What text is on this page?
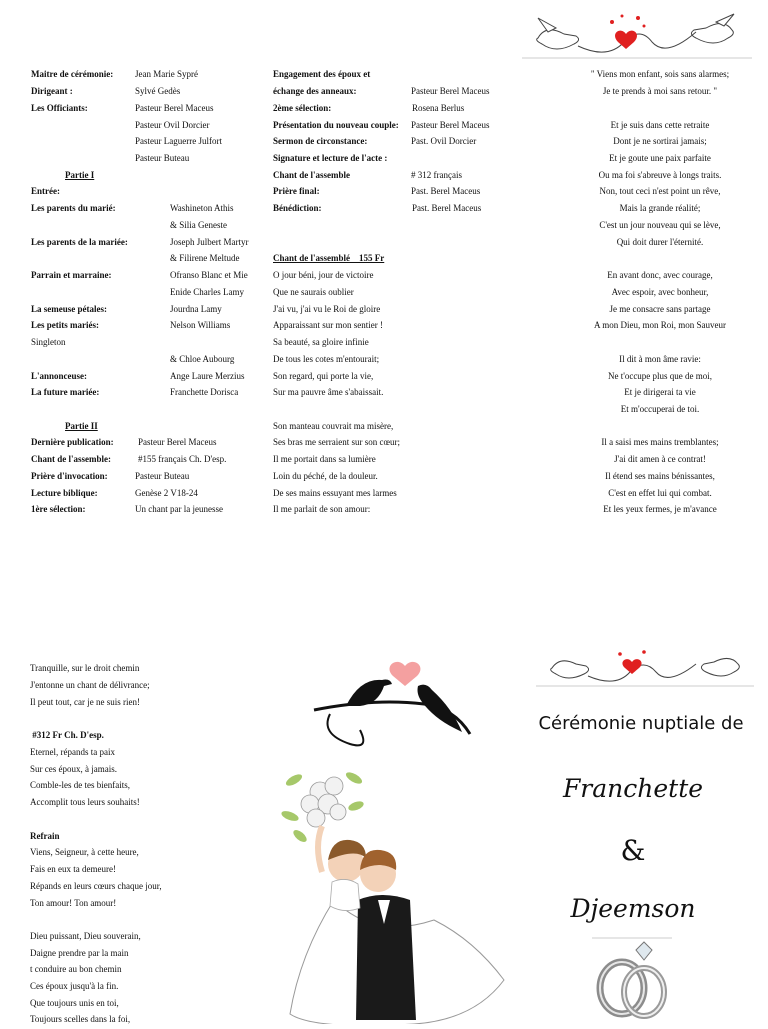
Maitre de cérémonie: Jean Marie Sypré
Dirigeant :	Sylvé Gedès
Les Officiants:	Pasteur Berel Maceus
Pasteur Ovil Dorcier
Pasteur Laguerre Julfort
Pasteur Buteau
Partie I
Entrée:
Les parents du marié:	Washineton Athis
& Silia Geneste
Les parents de la mariée:	Joseph Julbert Martyr
& Filirene Meltude
Parrain et marraine:	Ofranso Blanc et Mie
Enide Charles Lamy
La semeuse pétales:	Jourdna Lamy
Les petits mariés:	Nelson Williams
Singleton
& Chloe Aubourg
L'annonceuse:	Ange Laure Merzius
La future mariée:	Franchette Dorisca
Partie II
Dernière publication:	Pasteur Berel Maceus
Chant de l'assemble:	#155 français Ch. D'esp.
Prière d'invocation:	Pasteur Buteau
Lecture biblique:	Genèse 2 V18-24
1ère sélection:	Un chant par la jeunesse
Engagement des époux et
échange des anneaux:	Pasteur Berel Maceus
2ème sélection:	Rosena Berlus
Présentation du nouveau couple: Pasteur Berel Maceus
Sermon de circonstance:	Past. Ovil Dorcier
Signature et lecture de l'acte :
Chant de l'assemble	# 312 français
Prière final:	Past. Berel Maceus
Bénédiction:	Past. Berel Maceus
Chant de l'assemblé    155 Fr
O jour béni, jour de victoire
Que ne saurais oublier
J'ai vu, j'ai vu le Roi de gloire
Apparaissant sur mon sentier !
Sa beauté, sa gloire infinie
De tous les cotes m'entourait;
Son regard, qui porte la vie,
Sur ma pauvre âme s'abaissait.
Son manteau couvrait ma misère,
Ses bras me serraient sur son cœur;
Il me portait dans sa lumière
Loin du péché, de la douleur.
De ses mains essuyant mes larmes
Il me parlait de son amour:
" Viens mon enfant, sois sans alarmes;
Je te prends à moi sans retour. "
Et je suis dans cette retraite
Dont je ne sortirai jamais;
Et je goute une paix parfaite
Ou ma foi s'abreuve à longs traits.
Non, tout ceci n'est point un rêve,
Mais la grande réalité;
C'est un jour nouveau qui se lève,
Qui doit durer l'éternité.
En avant donc, avec courage,
Avec espoir, avec bonheur,
Je me consacre sans partage
A mon Dieu, mon Roi, mon Sauveur
Il dit à mon âme ravie:
Ne t'occupe plus que de moi,
Et je dirigerai ta vie
Et m'occuperai de toi.
Il a saisi mes mains tremblantes;
J'ai dit amen à ce contrat!
Il étend ses mains bénissantes,
C'est en effet lui qui combat.
Et les yeux fermes, je m'avance
Tranquille, sur le droit chemin
J'entonne un chant de délivrance;
Il peut tout, car je ne suis rien!
#312 Fr Ch. D'esp.
Eternel, répands ta paix
Sur ces époux, à jamais.
Comble-les de tes bienfaits,
Accomplit tous leurs souhaits!
Refrain
Viens, Seigneur, à cette heure,
Fais en eux ta demeure!
Répands en leurs cœurs chaque jour,
Ton amour! Ton amour!
Dieu puissant, Dieu souverain,
Daigne prendre par la main
t conduire au bon chemin
Ces époux jusqu'à la fin.
Que toujours unis en toi,
Toujours scelles dans la foi,
Cérémonie nuptiale de
Franchette
&
Djeemson
